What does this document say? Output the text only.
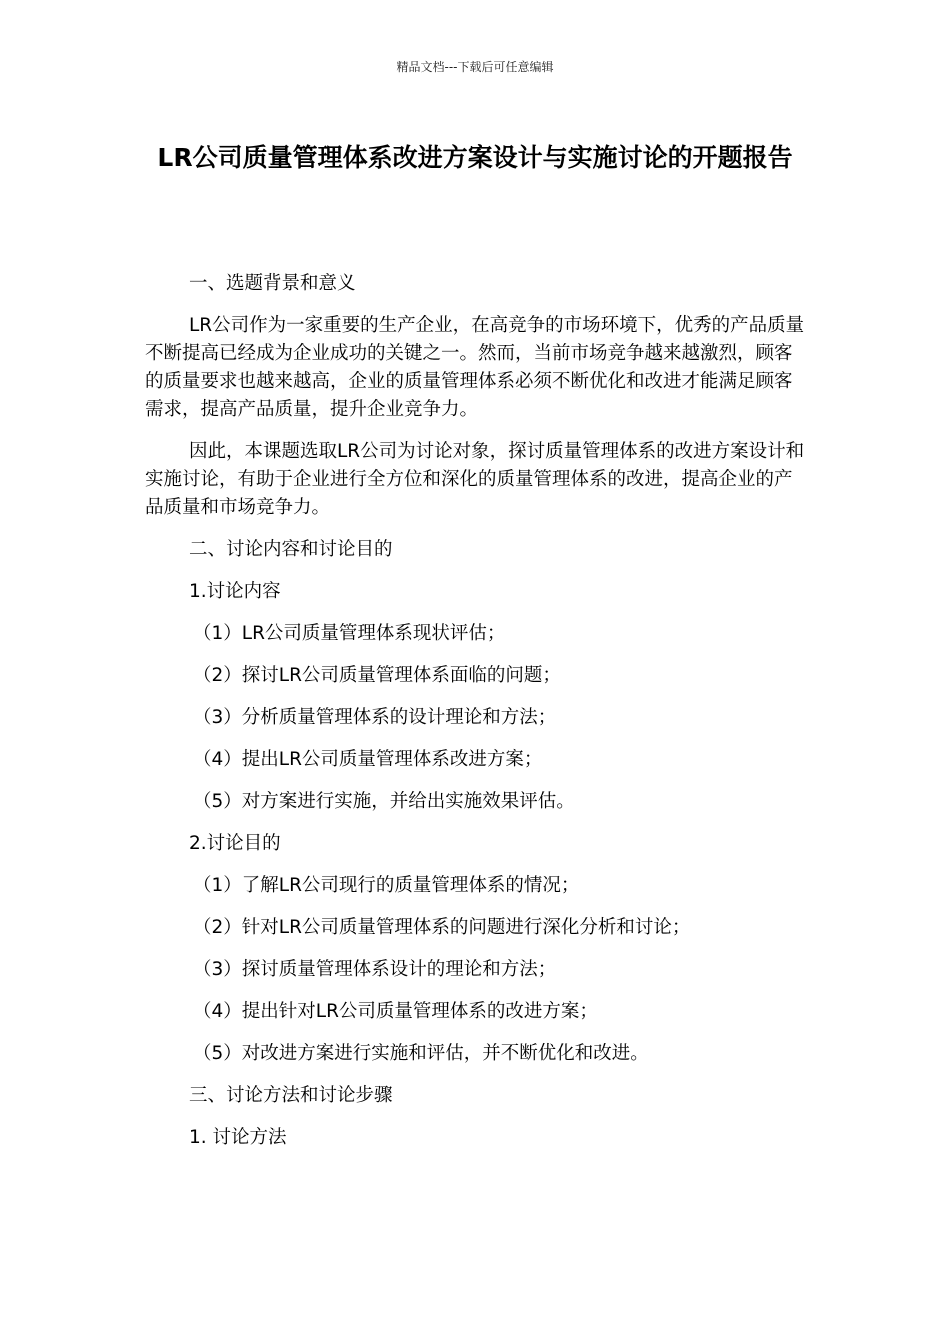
精品文档---下载后可任意编辑
LR公司质量管理体系改进方案设计与实施讨论的开题报告

一、选题背景和意义

LR公司作为一家重要的生产企业，在高竞争的市场环境下，优秀的产品质量不断提高已经成为企业成功的关键之一。然而，当前市场竞争越来越激烈，顾客的质量要求也越来越高，企业的质量管理体系必须不断优化和改进才能满足顾客需求，提高产品质量，提升企业竞争力。

因此，本课题选取LR公司为讨论对象，探讨质量管理体系的改进方案设计和实施讨论，有助于企业进行全方位和深化的质量管理体系的改进，提高企业的产品质量和市场竞争力。

二、讨论内容和讨论目的

1.讨论内容

（1）LR公司质量管理体系现状评估；

（2）探讨LR公司质量管理体系面临的问题；

（3）分析质量管理体系的设计理论和方法；

（4）提出LR公司质量管理体系改进方案；

（5）对方案进行实施，并给出实施效果评估。

2.讨论目的

（1）了解LR公司现行的质量管理体系的情况；

（2）针对LR公司质量管理体系的问题进行深化分析和讨论；

（3）探讨质量管理体系设计的理论和方法；

（4）提出针对LR公司质量管理体系的改进方案；

（5）对改进方案进行实施和评估，并不断优化和改进。

三、讨论方法和讨论步骤

1. 讨论方法
